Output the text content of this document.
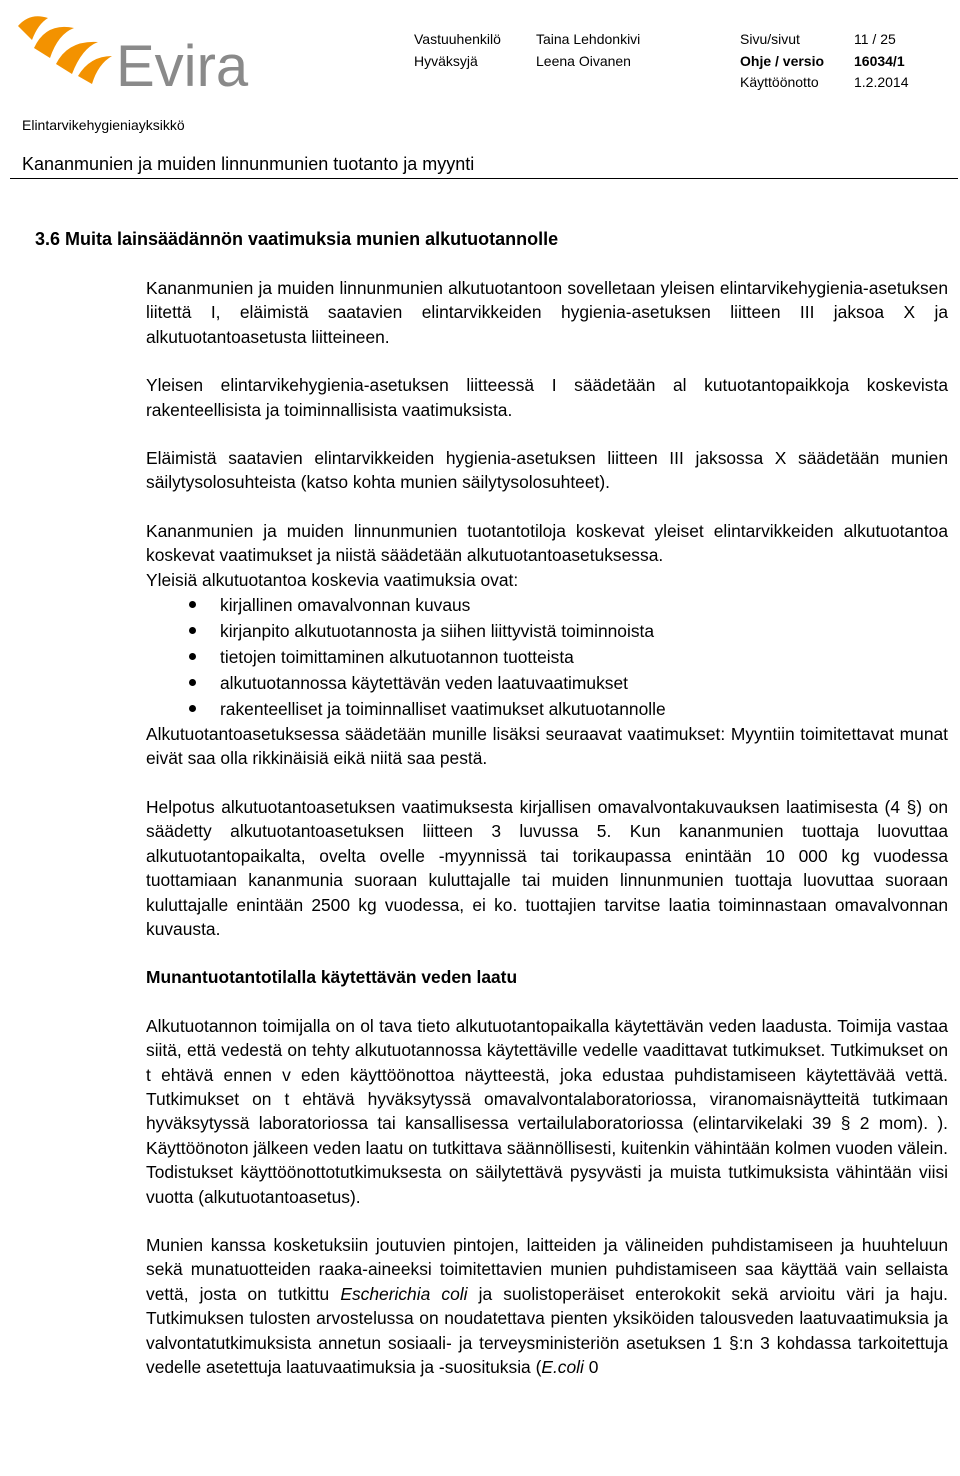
Evira	Vastuuhenkilö
Hyväksyjä
Taina Lehdonkivi
Leena Oivanen
Sivu/sivut
Ohje / versio
Käyttöönotto
11 / 25
16034/1
1.2.2014
Elintarvikehygieniayksikkö
Kananmunien ja muiden linnunmunien tuotanto ja myynti
3.6 Muita lainsäädännön vaatimuksia munien alkutuotannolle

Kananmunien ja muiden linnunmunien alkutuotantoon sovelletaan yleisen elintarvikehygienia-asetuksen liitettä I, eläimistä saatavien elintarvikkeiden hygienia-asetuksen liitteen III jaksoa X ja alkutuotantoasetusta liitteineen.

Yleisen elintarvikehygienia-asetuksen liitteessä I säädetään al kutuotantopaikkoja koskevista rakenteellisista ja toiminnallisista vaatimuksista.

Eläimistä saatavien elintarvikkeiden hygienia-asetuksen liitteen III jaksossa X säädetään munien säilytysolosuhteista (katso kohta munien säilytysolosuhteet).

Kananmunien ja muiden linnunmunien tuotantotiloja koskevat yleiset elintarvikkeiden alkutuotantoa koskevat vaatimukset ja niistä säädetään alkutuotantoasetuksessa.

Yleisiä alkutuotantoa koskevia vaatimuksia ovat:

kirjallinen omavalvonnan kuvaus
kirjanpito alkutuotannosta ja siihen liittyvistä toiminnoista
tietojen toimittaminen alkutuotannon tuotteista
alkutuotannossa käytettävän veden laatuvaatimukset
rakenteelliset ja toiminnalliset vaatimukset alkutuotannolle

Alkutuotantoasetuksessa säädetään munille lisäksi seuraavat vaatimukset: Myyntiin toimitettavat munat eivät saa olla rikkinäisiä eikä niitä saa pestä.

Helpotus alkutuotantoasetuksen vaatimuksesta kirjallisen omavalvontakuvauksen laatimisesta (4 §) on säädetty alkutuotantoasetuksen liitteen 3 luvussa 5. Kun kananmunien tuottaja luovuttaa alkutuotantopaikalta, ovelta ovelle -myynnissä tai torikaupassa enintään 10 000 kg vuodessa tuottamiaan kananmunia suoraan kuluttajalle tai muiden linnunmunien tuottaja luovuttaa suoraan kuluttajalle enintään 2500 kg vuodessa, ei ko. tuottajien tarvitse laatia toiminnastaan omavalvonnan kuvausta.

Munantuotantotilalla käytettävän veden laatu

Alkutuotannon toimijalla on ol tava tieto alkutuotantopaikalla käytettävän veden laadusta. Toimija vastaa siitä, että vedestä on tehty alkutuotannossa käytettäville vedelle vaadittavat tutkimukset. Tutkimukset on t ehtävä ennen v eden käyttöönottoa näytteestä, joka edustaa puhdistamiseen käytettävää vettä. Tutkimukset on t ehtävä hyväksytyssä omavalvontalaboratoriossa, viranomaisnäytteitä tutkimaan hyväksytyssä laboratoriossa tai kansallisessa vertailulaboratoriossa (elintarvikelaki 39 § 2 mom). ). Käyttöönoton jälkeen veden laatu on tutkittava säännöllisesti, kuitenkin vähintään kolmen vuoden välein. Todistukset käyttöönottotutkimuksesta on säilytettävä pysyvästi ja muista tutkimuksista vähintään viisi vuotta (alkutuotantoasetus).

Munien kanssa kosketuksiin joutuvien pintojen, laitteiden ja välineiden puhdistamiseen ja huuhteluun sekä munatuotteiden raaka-aineeksi toimitettavien munien puhdistamiseen saa käyttää vain sellaista vettä, josta on tutkittu Escherichia coli ja suolistoperäiset enterokokit sekä arvioitu väri ja haju. Tutkimuksen tulosten arvostelussa on noudatettava pienten yksiköiden talousveden laatuvaatimuksia ja valvontatutkimuksista annetun sosiaali- ja terveysministeriön asetuksen 1 §:n 3 kohdassa tarkoitettuja vedelle asetettuja laatuvaatimuksia ja -suosituksia (E.coli 0
